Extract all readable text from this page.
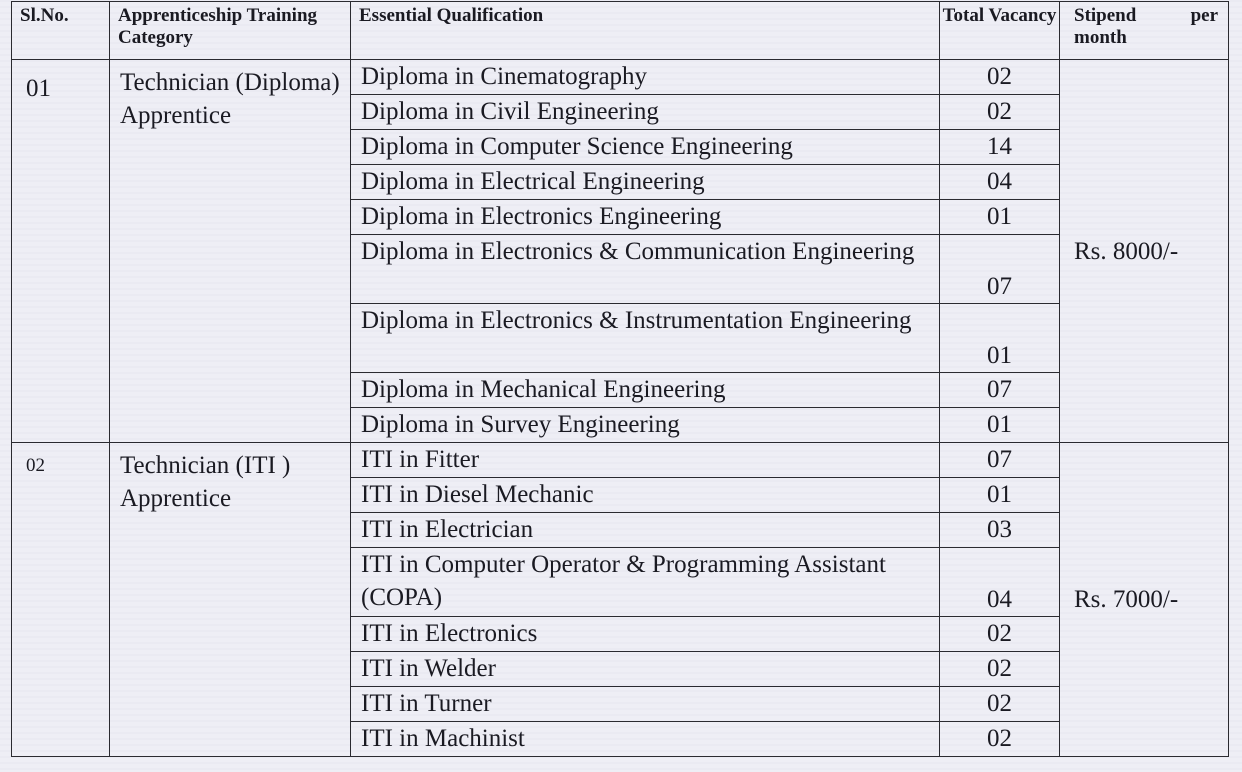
Sl.No.	Apprenticeship Training Category	Essential Qualification	Total Vacancy	Stipend per
month

01	Technician (Diploma) Apprentice	Diploma in Cinematography	02	Rs. 8000/-
		Diploma in Civil Engineering	02	
		Diploma in Computer Science Engineering	14	
		Diploma in Electrical Engineering	04	
		Diploma in Electronics Engineering	01	
		Diploma in Electronics & Communication Engineering	07	
		Diploma in Electronics & Instrumentation Engineering	01	
		Diploma in Mechanical Engineering	07	
		Diploma in Survey Engineering	01	
02	Technician (ITI ) Apprentice	ITI in Fitter	07	Rs. 7000/-
		ITI in Diesel Mechanic	01	
		ITI in Electrician	03	
		ITI in Computer Operator & Programming Assistant (COPA)	04	
		ITI in Electronics	02	
		ITI in Welder	02	
		ITI in Turner	02	
		ITI in Machinist	02	
